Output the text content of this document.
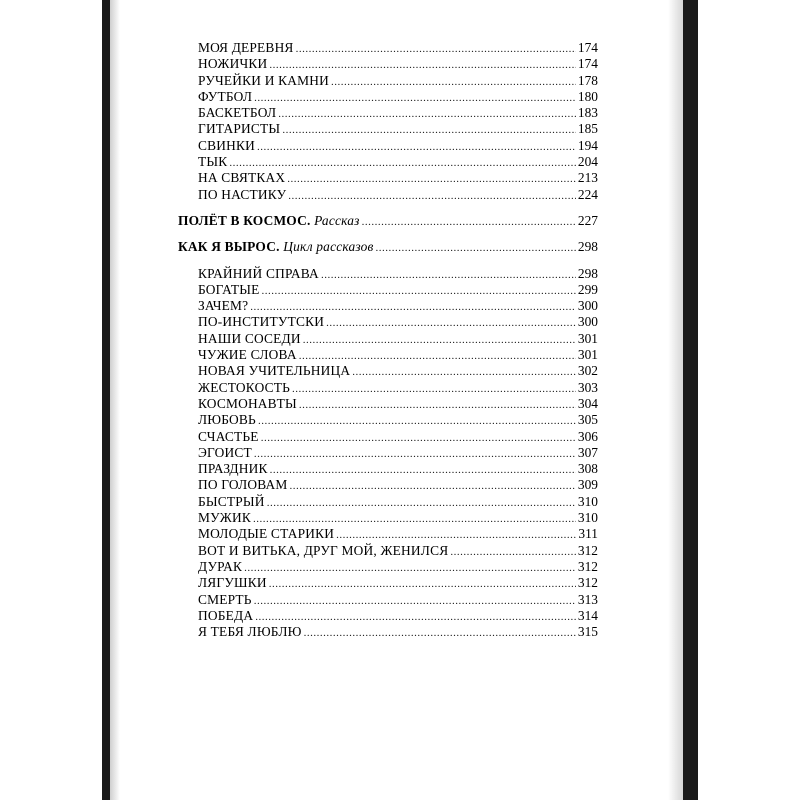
МОЯ ДЕРЕВНЯ .....	174
НОЖИЧКИ .....	174
РУЧЕЙКИ И КАМНИ .....	178
ФУТБОЛ .....	180
БАСКЕТБОЛ .....	183
ГИТАРИСТЫ .....	185
СВИНКИ .....	194
ТЫК .....	204
НА СВЯТКАХ .....	213
ПО НАСТИКУ .....	224
ПОЛЁТ В КОСМОС. Рассказ .....	227
КАК Я ВЫРОС. Цикл рассказов .....	298
КРАЙНИЙ СПРАВА .....	298
БОГАТЫЕ .....	299
ЗАЧЕМ? .....	300
ПО-ИНСТИТУТСКИ .....	300
НАШИ СОСЕДИ .....	301
ЧУЖИЕ СЛОВА .....	301
НОВАЯ УЧИТЕЛЬНИЦА .....	302
ЖЕСТОКОСТЬ .....	303
КОСМОНАВТЫ .....	304
ЛЮБОВЬ .....	305
СЧАСТЬЕ .....	306
ЭГОИСТ .....	307
ПРАЗДНИК .....	308
ПО ГОЛОВАМ .....	309
БЫСТРЫЙ .....	310
МУЖИК .....	310
МОЛОДЫЕ СТАРИКИ .....	311
ВОТ И ВИТЬКА, ДРУГ МОЙ, ЖЕНИЛСЯ .....	312
ДУРАК .....	312
ЛЯГУШКИ .....	312
СМЕРТЬ .....	313
ПОБЕДА .....	314
Я ТЕБЯ ЛЮБЛЮ .....	315
